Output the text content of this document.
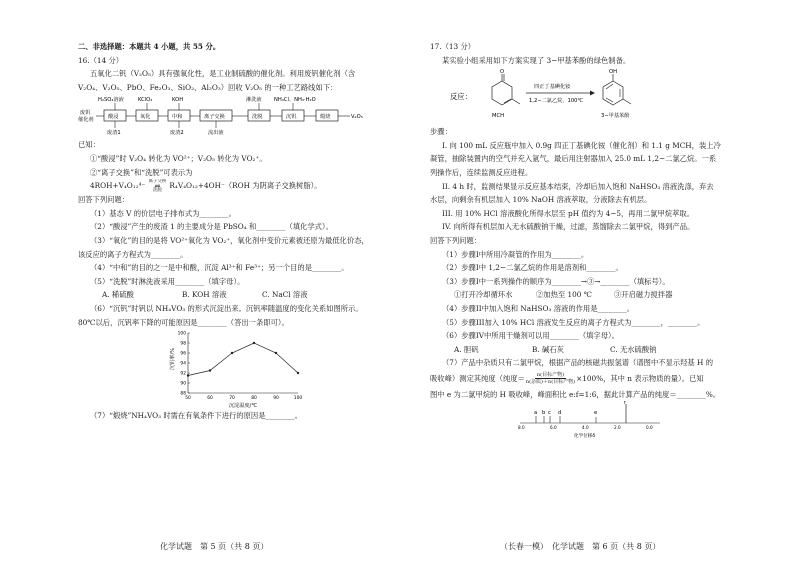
二、非选择题：本题共 4 小题，共 55 分。
16.（14 分）
五氧化二钒（V₂O₅）具有强氧化性，是工业制硫酸的催化剂。利用废钒催化剂（含
V₂O₄、V₂O₅、PbO、Fe₂O₃、SiO₂、Al₂O₃）回收 V₂O₅ 的一种工艺路线如下：
废钒
催化剂	酸浸	氧化	中和	离子交换	洗脱	沉钒	煅烧	V₂O₅
H₂SO₄溶液	KClO₃	KOH	淋洗液 NH₄Cl、NH₃·H₂O
废渣1	废渣2	流出液
已知：
①“酸浸”时 V₂O₄ 转化为 VO²⁺；V₂O₅ 转化为 VO₂⁺。
②“离子交换”和“洗脱”可表示为
4ROH+V₄O₁₂⁴⁻ 离子交换
⇌
洗脱
R₄V₄O₁₂+4OH⁻（ROH 为阴离子交换树脂）。
回答下列问题：
（1）基态 V 的价层电子排布式为________。
（2）“酸浸”产生的废渣 1 的主要成分是 PbSO₄ 和________（填化学式）。
（3）“氧化”的目的是将 VO²⁺氧化为 VO₂⁺，氧化剂中变价元素被还原为最低化价态，
该反应的离子方程式为________。
（4）“中和”的目的之一是中和酸，沉淀 Al³⁺和 Fe³⁺；另一个目的是________。
（5）“洗脱”时淋洗液采用________（填字母）。
A. 稀硫酸	B. KOH 溶液	C. NaCl 溶液
（6）“沉钒”时钒以 NH₄VO₃ 的形式沉淀出来。沉钒率随温度的变化关系如图所示。
80℃以后，沉钒率下降的可能原因是________（答出一条即可）。
沉钒率/%
88
90
92
94
96
98
100
50	60	70	80	90	100
沉淀温度/℃
（7）“煅烧”NH₄VO₃ 时需在有氧条件下进行的原因是________。
化学试题　第 5 页（共 8 页）
17.（13 分）
某实验小组采用如下方案实现了 3−甲基苯酚的绿色制备。
反应：
O
MCH
四正丁基碘化铵
1,2−二氯乙烷，100℃
OH
3−甲基苯酚
步骤：
I. 向 100 mL 反应瓶中加入 0.9g 四正丁基碘化铵（催化剂）和 1.1 g MCH，装上冷
凝管，抽除装置内的空气并充入氩气，最后用注射器加入 25.0 mL 1,2−二氯乙烷。一系
列操作后，连续监测反应进程。
II. 4 h 时，监测结果显示反应基本结束，冷却后加入饱和 NaHSO₃ 溶液洗涤，弃去
水层，向剩余有机层加入 10% NaOH 溶液萃取，分液除去有机层。
III. 用 10% HCl 溶液酸化所得水层至 pH 值约为 4−5，再用二氯甲烷萃取。
IV. 向所得有机层加入无水硫酸钠干燥，过滤，蒸馏除去二氯甲烷，得到产品。
回答下列问题：
（1）步骤I中所用冷凝管的作用为________。
（2）步骤I中 1,2−二氯乙烷的作用是溶剂和________。
（3）步骤I中一系列操作的顺序为________→③→________（填标号）。
①打开冷却循环水	②加热至 100 ℃	③开启磁力搅拌器
（4）步骤II中加入饱和 NaHSO₃ 溶液的作用是________。
（5）步骤III加入 10% HCl 溶液发生反应的离子方程式为________，________。
（6）步骤IV中所用干燥剂可以用________（填字母）。
A. 胆矾	B. 碱石灰	C. 无水硫酸钠
（7）产品中杂质只有二氯甲烷，根据产品的核磁共振氢谱（谱图中不显示羟基 H 的
吸收峰）测定其纯度（纯度＝	n(目标产物)
n(杂质)＋n(目标产物) ×100%，其中 n 表示物质的量）。已知
图中 e 为二氯甲烷的 H 吸收峰，峰面积比 e:f=1:6，据此计算产品的纯度＝________%。
a b c d	e
f
8.0	6.0	4.0	2.0	0.0
化学位移δ
（长春一模）　化学试题　第 6 页（共 8 页）
